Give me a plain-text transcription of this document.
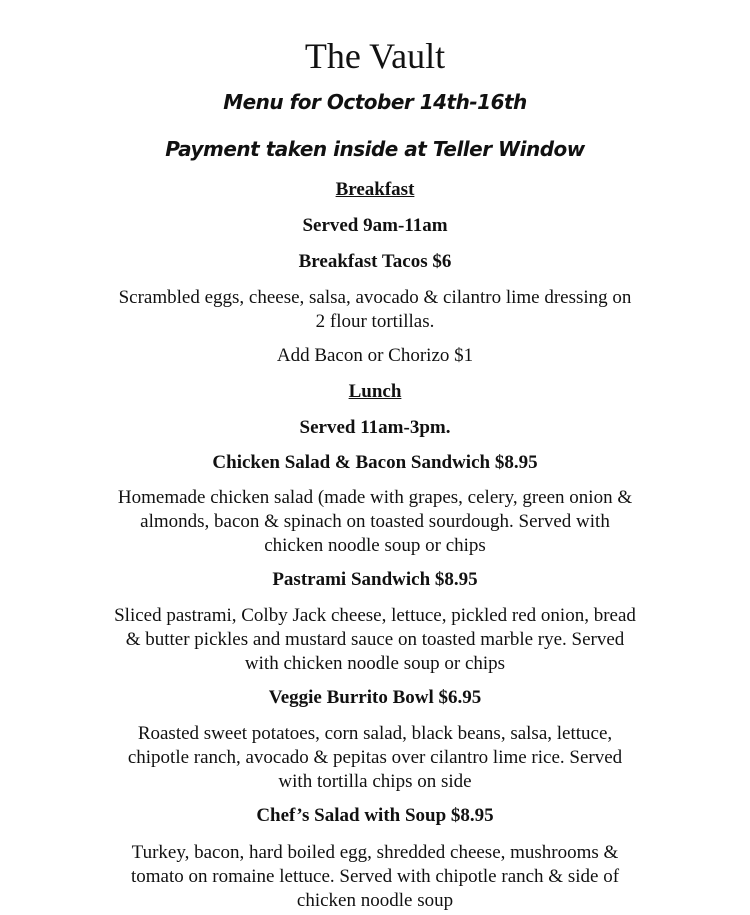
The Vault
Menu for October 14th-16th
Payment taken inside at Teller Window
Breakfast
Served 9am-11am
Breakfast Tacos $6
Scrambled eggs, cheese, salsa, avocado & cilantro lime dressing on
2 flour tortillas.
Add Bacon or Chorizo $1
Lunch
Served 11am-3pm.
Chicken Salad & Bacon Sandwich $8.95
Homemade chicken salad (made with grapes, celery, green onion &
almonds, bacon & spinach on toasted sourdough. Served with
chicken noodle soup or chips
Pastrami Sandwich $8.95
Sliced pastrami, Colby Jack cheese, lettuce, pickled red onion, bread
& butter pickles and mustard sauce on toasted marble rye. Served
with chicken noodle soup or chips
Veggie Burrito Bowl $6.95
Roasted sweet potatoes, corn salad, black beans, salsa, lettuce,
chipotle ranch, avocado & pepitas over cilantro lime rice. Served
with tortilla chips on side
Chef’s Salad with Soup $8.95
Turkey, bacon, hard boiled egg, shredded cheese, mushrooms &
tomato on romaine lettuce. Served with chipotle ranch & side of
chicken noodle soup
